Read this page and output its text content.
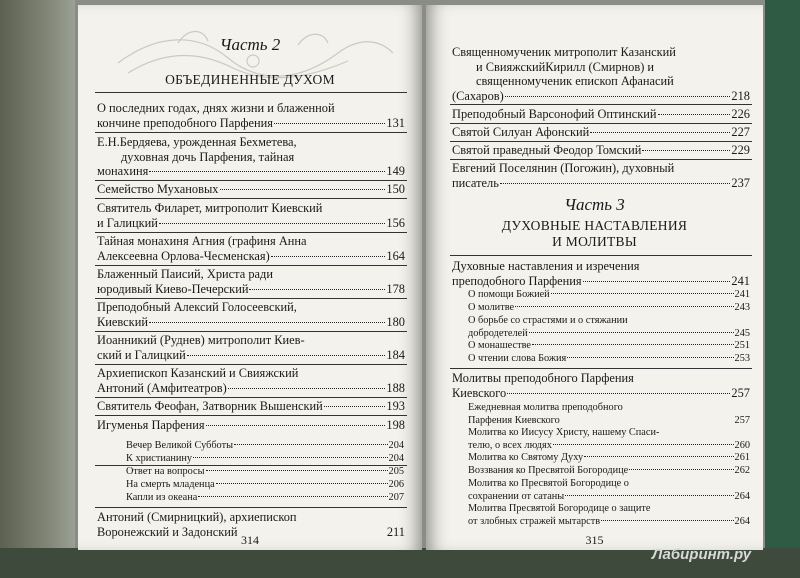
Часть 2
ОБЪЕДИНЕННЫЕ ДУХОМ
О последних годах, днях жизни и блаженной
кончине преподобного Парфения	131
Е.Н.Бердяева, урожденная Бехметева,
духовная дочь Парфения, тайная
монахиня	149
Семейство Мухановых	150
Святитель Филарет, митрополит Киевский
и Галицкий	156
Тайная монахиня Агния (графиня Анна
Алексеевна Орлова-Чесменская)	164
Блаженный Паисий, Христа ради
юродивый Киево-Печерский	178
Преподобный Алексий Голосеевский,
Киевский	180
Иоанникий (Руднев) митрополит Киев-
ский и Галицкий	184
Архиепископ Казанский и Свияжский
Антоний (Амфитеатров)	188
Святитель Феофан, Затворник Вышенский	193
Игуменья Парфения	198
Вечер Великой Субботы	204
К христианину	204
Ответ на вопросы	205
На смерть младенца	206
Капли из океана	207
Антоний (Смирницкий), архиепископ
Воронежский и Задонский	211
314
Священномученик митрополит Казанский
и СвияжскийКирилл (Смирнов) и
священномученик епископ Афанасий
(Сахаров)	218
Преподобный Варсонофий Оптинский	226
Святой Силуан Афонский	227
Святой праведный Феодор Томский	229
Евгений Поселянин (Погожин), духовный
писатель	237
Часть 3
ДУХОВНЫЕ НАСТАВЛЕНИЯ
И МОЛИТВЫ
Духовные наставления и изречения
преподобного Парфения	241
О помощи Божией	241
О молитве	243
О борьбе со страстями и о стяжании
добродетелей	245
О монашестве	251
О чтении слова Божия	253
Молитвы преподобного Парфения
Киевского	257
Ежедневная молитва преподобного
Парфения Киевского	257
Молитва ко Иисусу Христу, нашему Спаси-
телю, о всех людях	260
Молитва ко Святому Духу	261
Воззвания ко Пресвятой Богородице	262
Молитва ко Пресвятой Богородице о
сохранении от сатаны	264
Молитва Пресвятой Богородице о защите
от злобных стражей мытарств	264
315
Лабиринт.ру
